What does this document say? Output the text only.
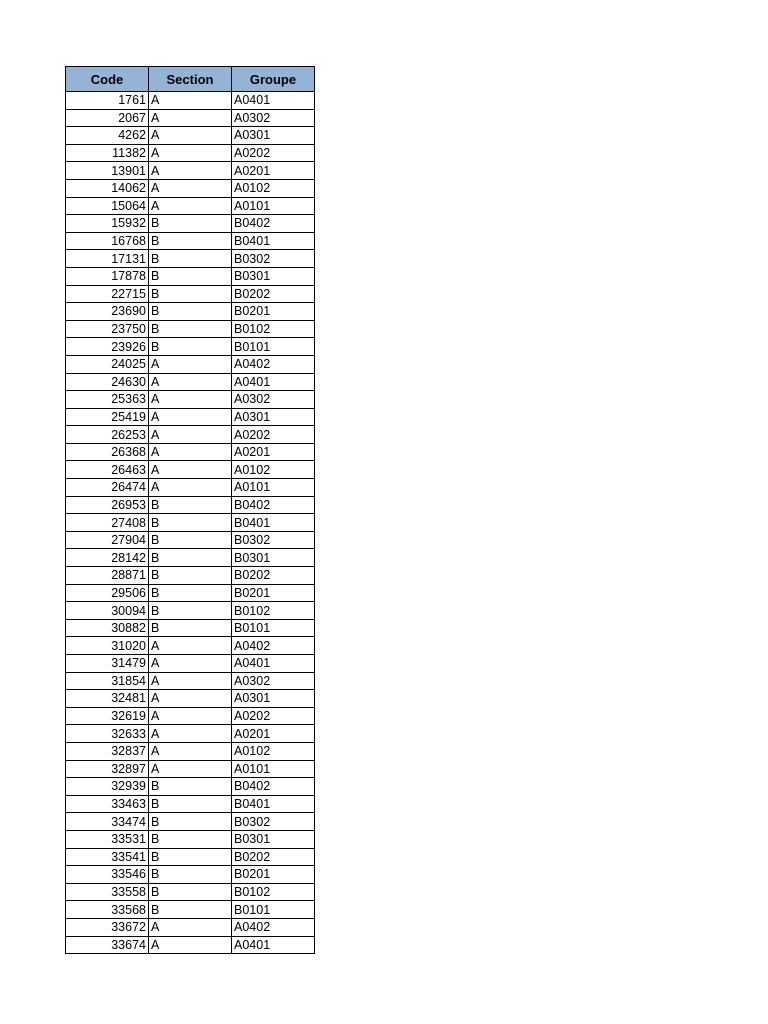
Code	Section	Groupe
1761	A	A0401
2067	A	A0302
4262	A	A0301
11382	A	A0202
13901	A	A0201
14062	A	A0102
15064	A	A0101
15932	B	B0402
16768	B	B0401
17131	B	B0302
17878	B	B0301
22715	B	B0202
23690	B	B0201
23750	B	B0102
23926	B	B0101
24025	A	A0402
24630	A	A0401
25363	A	A0302
25419	A	A0301
26253	A	A0202
26368	A	A0201
26463	A	A0102
26474	A	A0101
26953	B	B0402
27408	B	B0401
27904	B	B0302
28142	B	B0301
28871	B	B0202
29506	B	B0201
30094	B	B0102
30882	B	B0101
31020	A	A0402
31479	A	A0401
31854	A	A0302
32481	A	A0301
32619	A	A0202
32633	A	A0201
32837	A	A0102
32897	A	A0101
32939	B	B0402
33463	B	B0401
33474	B	B0302
33531	B	B0301
33541	B	B0202
33546	B	B0201
33558	B	B0102
33568	B	B0101
33672	A	A0402
33674	A	A0401
